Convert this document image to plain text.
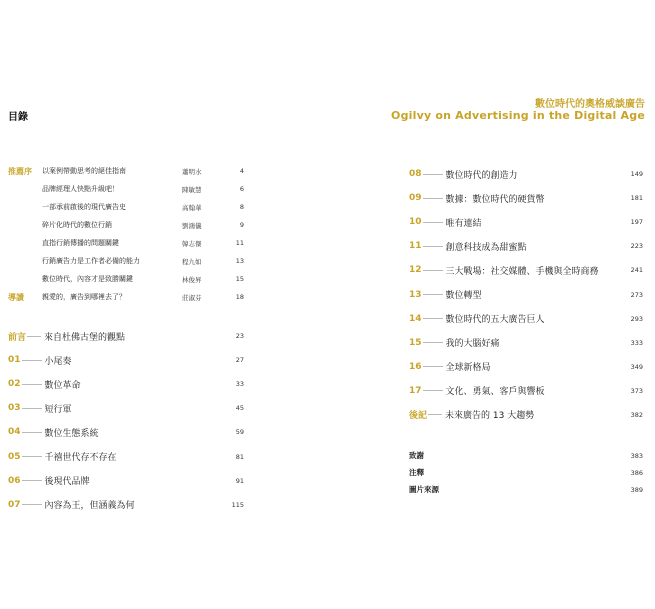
目錄
數位時代的奧格威談廣告
Ogilvy on Advertising in the Digital Age
推薦序	以案例帶動思考的絕佳指南	蕭明水	4
品牌經理人快點升級吧！	陳敏慧	6
一部承前啟後的現代廣告史	高翰華	8
碎片化時代的數位行銷	劉鴻儀	9
直指行銷傳播的問題關鍵	韓志傑	11
行銷廣告力是工作者必備的能力	程九如	13
數位時代，內容才是致勝關鍵	林俊昇	15
導讀	親愛的，廣告到哪裡去了？	莊淑芬	18
前言 來自杜佛古堡的觀點	23
01	小尾奏	27
02	數位革命	33
03	短行軍	45
04	數位生態系統	59
05	千禧世代存不存在	81
06	後現代品牌	91
07	內容為王，但涵義為何	115
08	數位時代的創造力	149
09	數據：數位時代的硬貨幣	181
10	唯有連結	197
11	創意科技成為甜蜜點	223
12	三大戰場：社交媒體、手機與全時商務	241
13	數位轉型	273
14	數位時代的五大廣告巨人	293
15	我的大腦好痛	333
16	全球新格局	349
17	文化、勇氣、客戶與響板	373
後記 未來廣告的 13 大趨勢	382
致謝	383
注釋	386
圖片來源	389
